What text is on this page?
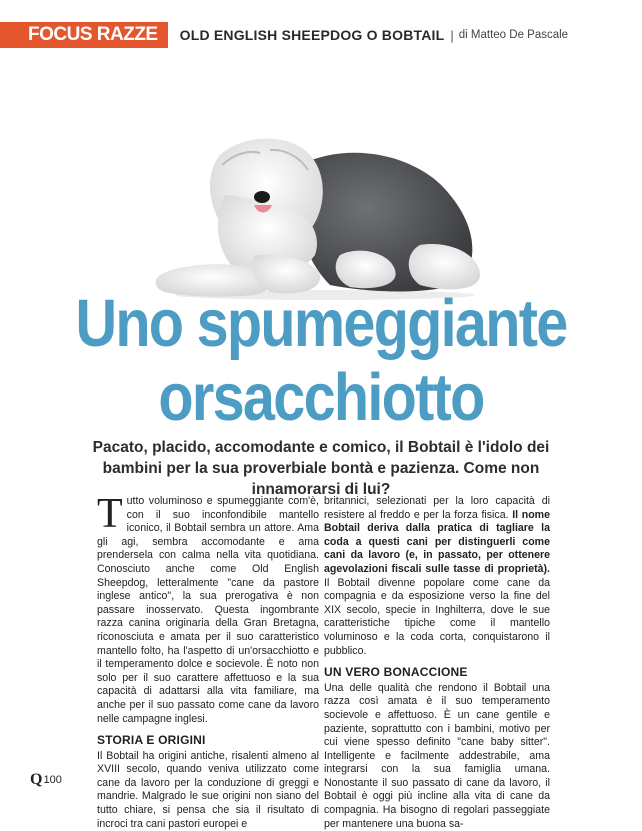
FOCUS RAZZE	OLD ENGLISH SHEEPDOG O BOBTAIL | di Matteo De Pascale
Uno spumeggiante
orsacchiotto
Pacato, placido, accomodante e comico, il Bobtail è l'idolo dei bambini per la sua proverbiale bontà e pazienza. Come non innamorarsi di lui?

Tutto voluminoso e spumeggiante com'è, con il suo inconfondibile mantello iconico, il Bobtail sembra un attore. Ama gli agi, sembra accomodante e ama prendersela con calma nella vita quotidiana. Conosciuto anche come Old English Sheepdog, letteralmente "cane da pastore inglese antico", la sua prerogativa è non passare inosservato. Questa ingombrante razza canina originaria della Gran Bretagna, riconosciuta e amata per il suo caratteristico mantello folto, ha l'aspetto di un'orsacchiotto e il temperamento dolce e socievole. È noto non solo per il suo carattere affettuoso e la sua capacità di adattarsi alla vita familiare, ma anche per il suo passato come cane da lavoro nelle campagne inglesi.

STORIA E ORIGINI

Il Bobtail ha origini antiche, risalenti almeno al XVIII secolo, quando veniva utilizzato come cane da lavoro per la conduzione di greggi e mandrie. Malgrado le sue origini non siano del tutto chiare, si pensa che sia il risultato di incroci tra cani pastori europei e

britannici, selezionati per la loro capacità di resistere al freddo e per la forza fisica. Il nome Bobtail deriva dalla pratica di tagliare la coda a questi cani per distinguerli come cani da lavoro (e, in passato, per ottenere agevolazioni fiscali sulle tasse di proprietà). Il Bobtail divenne popolare come cane da compagnia e da esposizione verso la fine del XIX secolo, specie in Inghilterra, dove le sue caratteristiche tipiche come il mantello voluminoso e la coda corta, conquistarono il pubblico.

UN VERO BONACCIONE

Una delle qualità che rendono il Bobtail una razza così amata è il suo temperamento socievole e affettuoso. È un cane gentile e paziente, soprattutto con i bambini, motivo per cui viene spesso definito "cane baby sitter". Intelligente e facilmente addestrabile, ama integrarsi con la sua famiglia umana. Nonostante il suo passato di cane da lavoro, il Bobtail è oggi più incline alla vita di cane da compagnia. Ha bisogno di regolari passeggiate per mantenere una buona sa-

Q 100
